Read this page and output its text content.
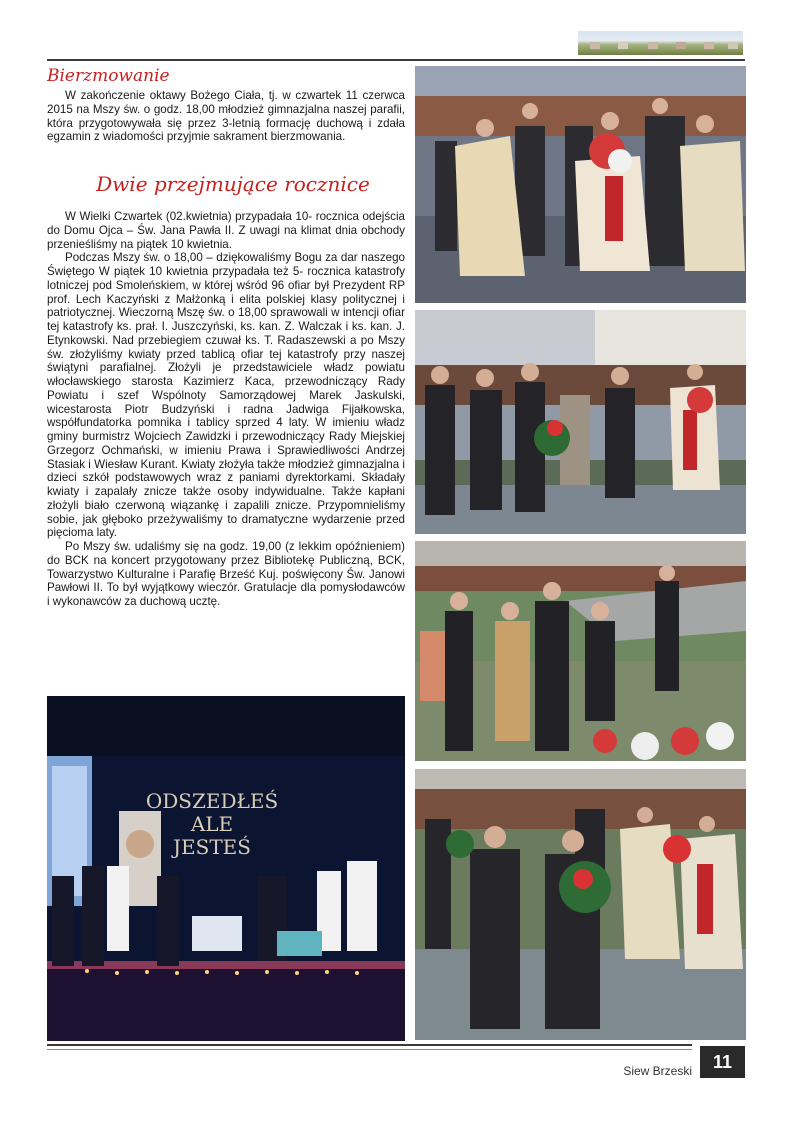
Bierzmowanie

W zakończenie oktawy Bożego Ciała, tj. w czwartek 11 czerwca 2015 na Mszy św. o godz. 18,00 młodzież gimnazjalna naszej parafii, która przygotowywała się przez 3-letnią formację duchową i zdała egzamin z wiadomości przyjmie sakrament bierzmowania.

Dwie przejmujące rocznice

W Wielki Czwartek (02.kwietnia) przypadała 10- rocznica odejścia do Domu Ojca – Św. Jana Pawła II. Z uwagi na klimat dnia obchody przenieśliśmy na piątek 10 kwietnia.

Podczas Mszy św. o 18,00 – dziękowaliśmy Bogu za dar naszego Świętego W piątek 10 kwietnia przypadała też 5- rocznica katastrofy lotniczej pod Smoleńskiem, w której wśród 96 ofiar był Prezydent RP prof. Lech Kaczyński z Małżonką i elita polskiej klasy politycznej i patriotycznej. Wieczorną Mszę św. o 18,00 sprawowali w intencji ofiar tej katastrofy ks. prał. I. Juszczyński, ks. kan. Z. Walczak i ks. kan. J. Etynkowski. Nad przebiegiem czuwał ks. T. Radaszewski a po Mszy św. złożyliśmy kwiaty przed tablicą ofiar tej katastrofy przy naszej świątyni parafialnej. Złożyli je przedstawiciele władz powiatu włocławskiego starosta Kazimierz Kaca, przewodniczący Rady Powiatu i szef Wspólnoty Samorządowej Marek Jaskulski, wicestarosta Piotr Budzyński i radna Jadwiga Fijałkowska, współfundatorka pomnika i tablicy sprzed 4 laty. W imieniu władz gminy burmistrz Wojciech Zawidzki i przewodniczący Rady Miejskiej Grzegorz Ochmański, w imieniu Prawa i Sprawiedliwości Andrzej Stasiak i Wiesław Kurant. Kwiaty złożyła także młodzież gimnazjalna i dzieci szkół podstawowych wraz z paniami dyrektorkami. Składały kwiaty i zapalały znicze także osoby indywidualne. Także kapłani złożyli biało czerwoną wiązankę i zapalili znicze. Przypomnieliśmy sobie, jak głęboko przeżywaliśmy to dramatyczne wydarzenie przed pięcioma laty.

Po Mszy św. udaliśmy się na godz. 19,00 (z lekkim opóźnieniem) do BCK na koncert przygotowany przez Bibliotekę Publiczną, BCK, Towarzystwo Kulturalne i Parafię Brześć Kuj. poświęcony Św. Janowi Pawłowi II. To był wyjątkowy wieczór. Gratulacje dla pomysłodawców i wykonawców za duchową ucztę.

ODSZEDŁEŚ
ALE
JESTEŚ
Siew Brzeski	11
